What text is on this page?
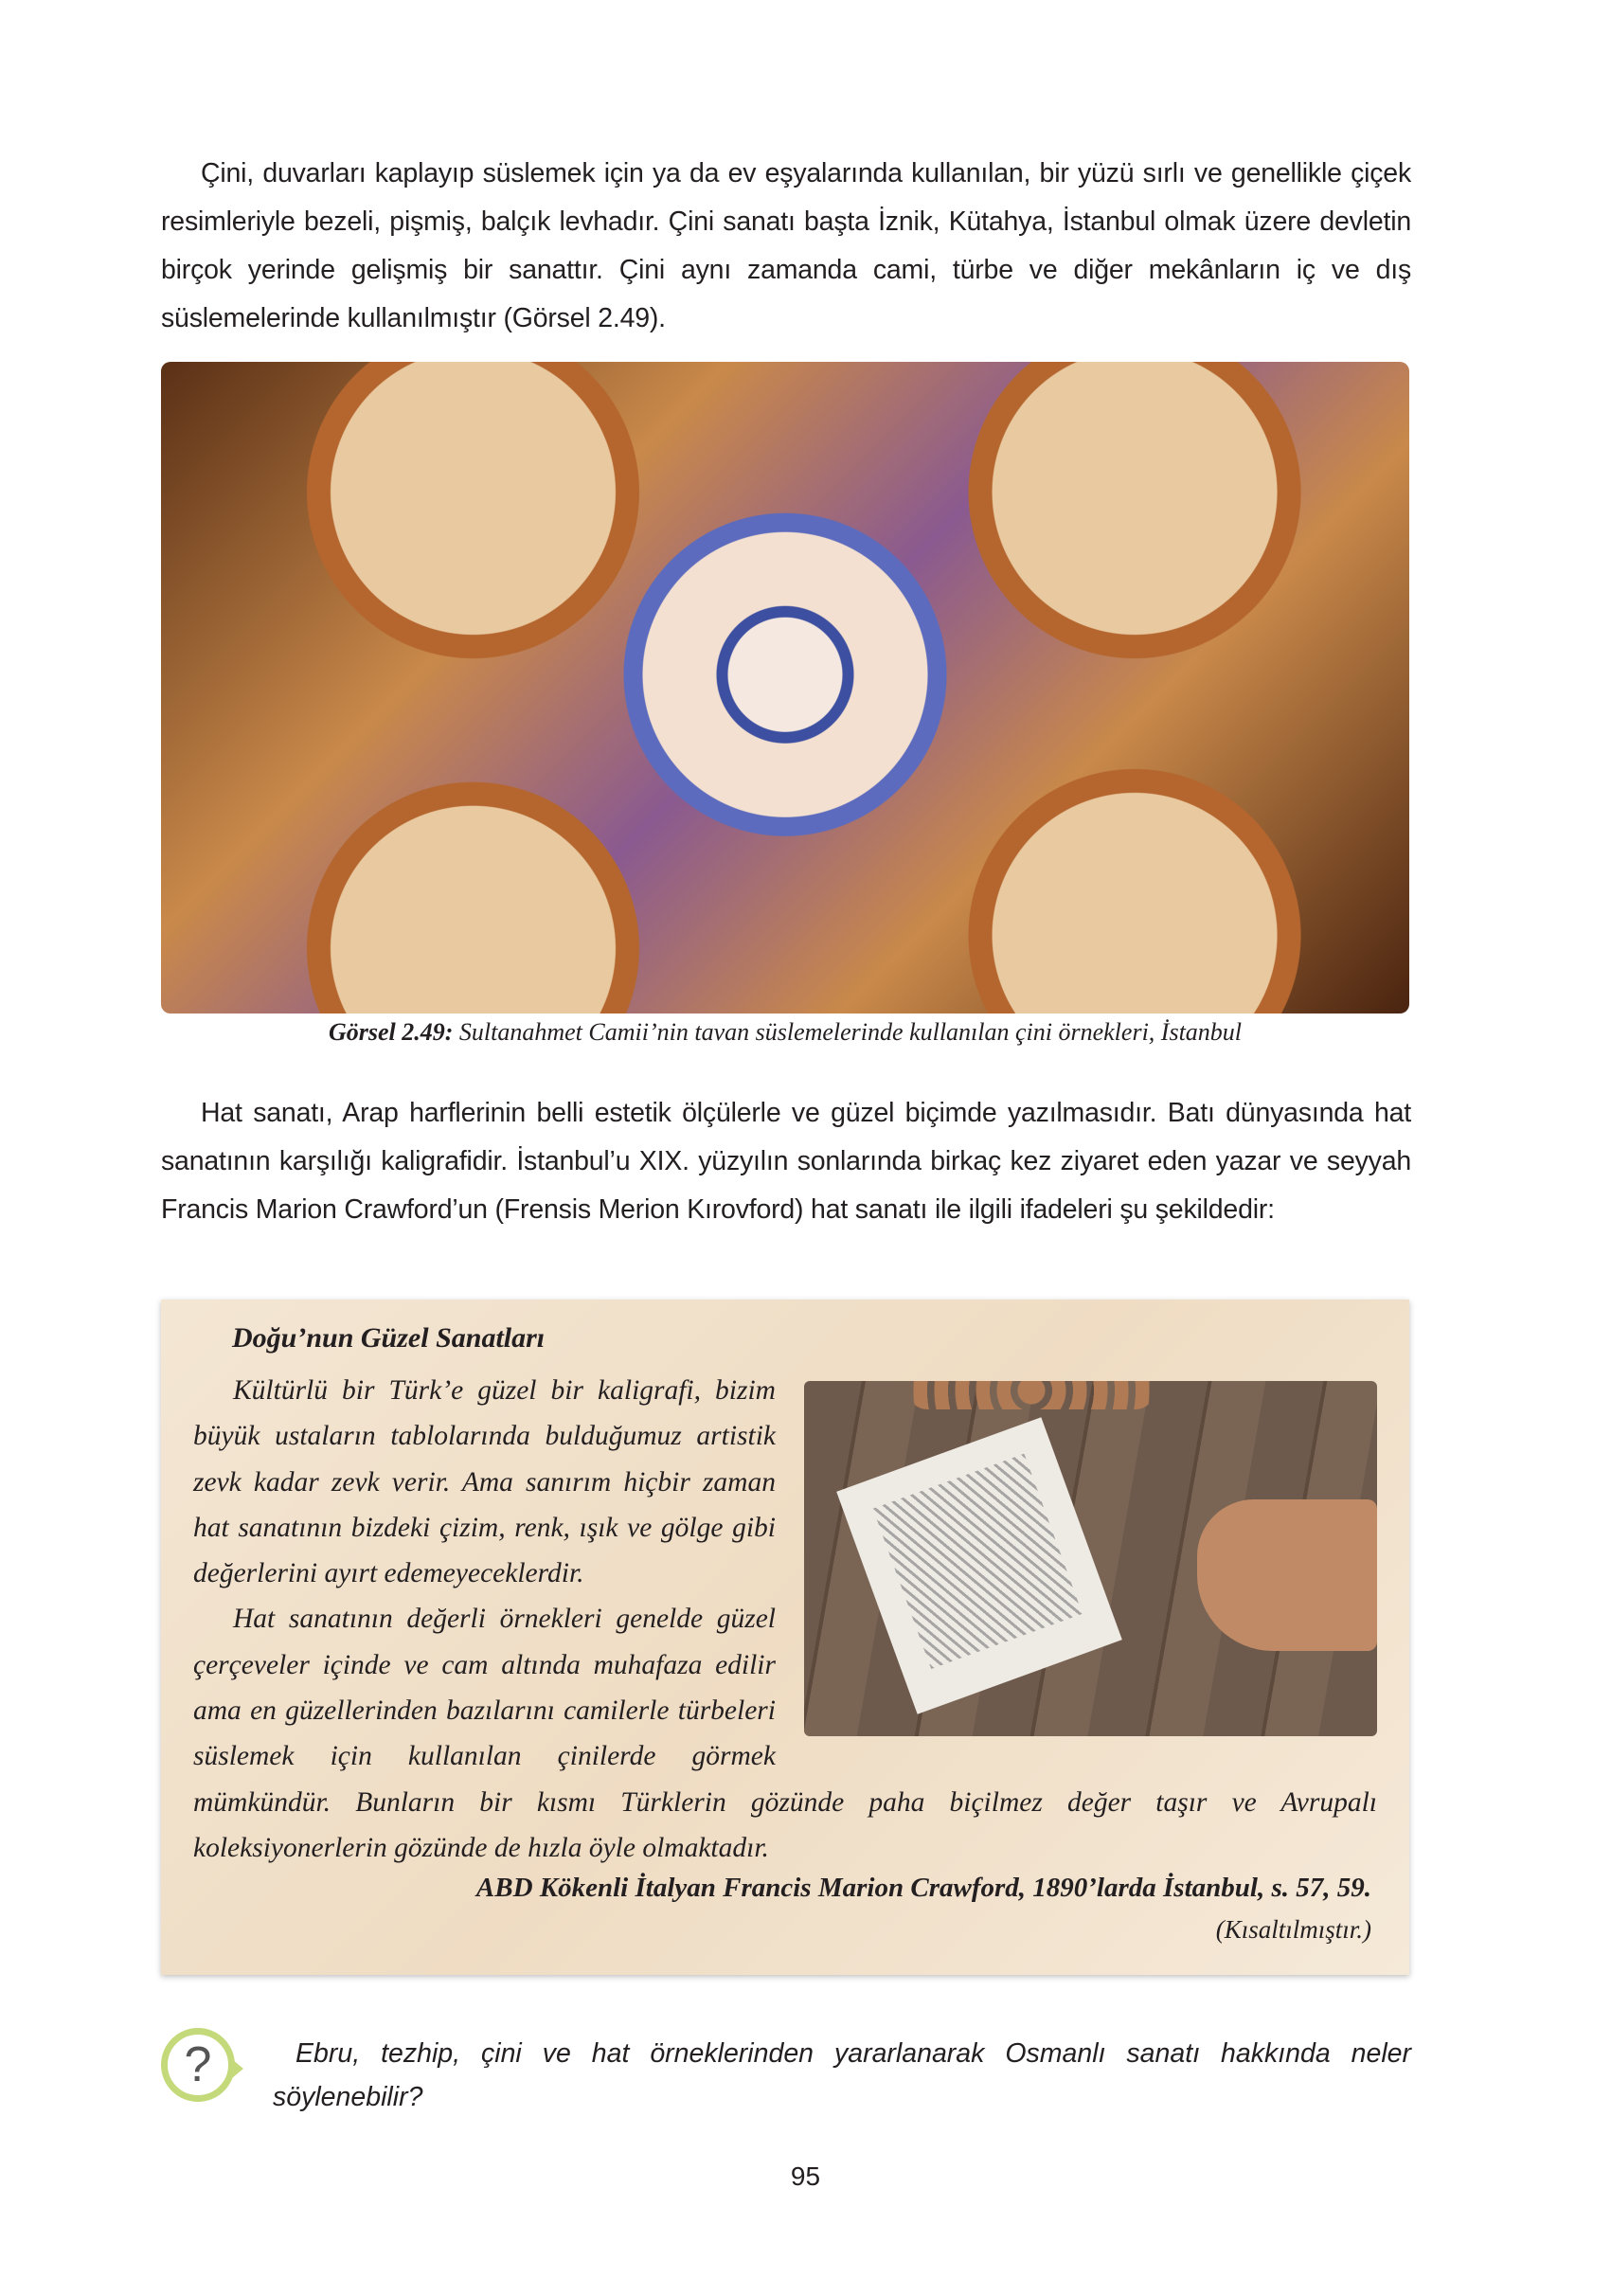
Çini, duvarları kaplayıp süslemek için ya da ev eşyalarında kullanılan, bir yüzü sırlı ve genellikle çiçek resimleriyle bezeli, pişmiş, balçık levhadır. Çini sanatı başta İznik, Kütahya, İstanbul olmak üzere devletin birçok yerinde gelişmiş bir sanattır. Çini aynı zamanda cami, türbe ve diğer mekânların iç ve dış süslemelerinde kullanılmıştır (Görsel 2.49).

Görsel 2.49: Sultanahmet Camii’nin tavan süslemelerinde kullanılan çini örnekleri, İstanbul

Hat sanatı, Arap harflerinin belli estetik ölçülerle ve güzel biçimde yazılmasıdır. Batı dünyasında hat sanatının karşılığı kaligrafidir. İstanbul’u XIX. yüzyılın sonlarında birkaç kez ziyaret eden yazar ve seyyah Francis Marion Crawford’un (Frensis Merion Kırovford) hat sanatı ile ilgili ifadeleri şu şekildedir:

Doğu’nun Güzel Sanatları

Kültürlü bir Türk’e güzel bir kaligrafi, bizim büyük ustaların tablolarında bulduğumuz artistik zevk kadar zevk verir. Ama sanırım hiçbir zaman hat sanatının bizdeki çizim, renk, ışık ve gölge gibi değerlerini ayırt edemeyeceklerdir.

Hat sanatının değerli örnekleri genelde güzel çerçeveler içinde ve cam altında muhafaza edilir ama en güzellerinden bazılarını camilerle türbeleri süslemek için kullanılan çinilerde görmek mümkündür. Bunların bir kısmı Türklerin gözünde paha biçilmez değer taşır ve Avrupalı koleksiyonerlerin gözünde de hızla öyle olmaktadır.

ABD Kökenli İtalyan Francis Marion Crawford, 1890’larda İstanbul, s. 57, 59.
(Kısaltılmıştır.)
?	Ebru, tezhip, çini ve hat örneklerinden yararlanarak Osmanlı sanatı hakkında neler söylenebilir?

95
